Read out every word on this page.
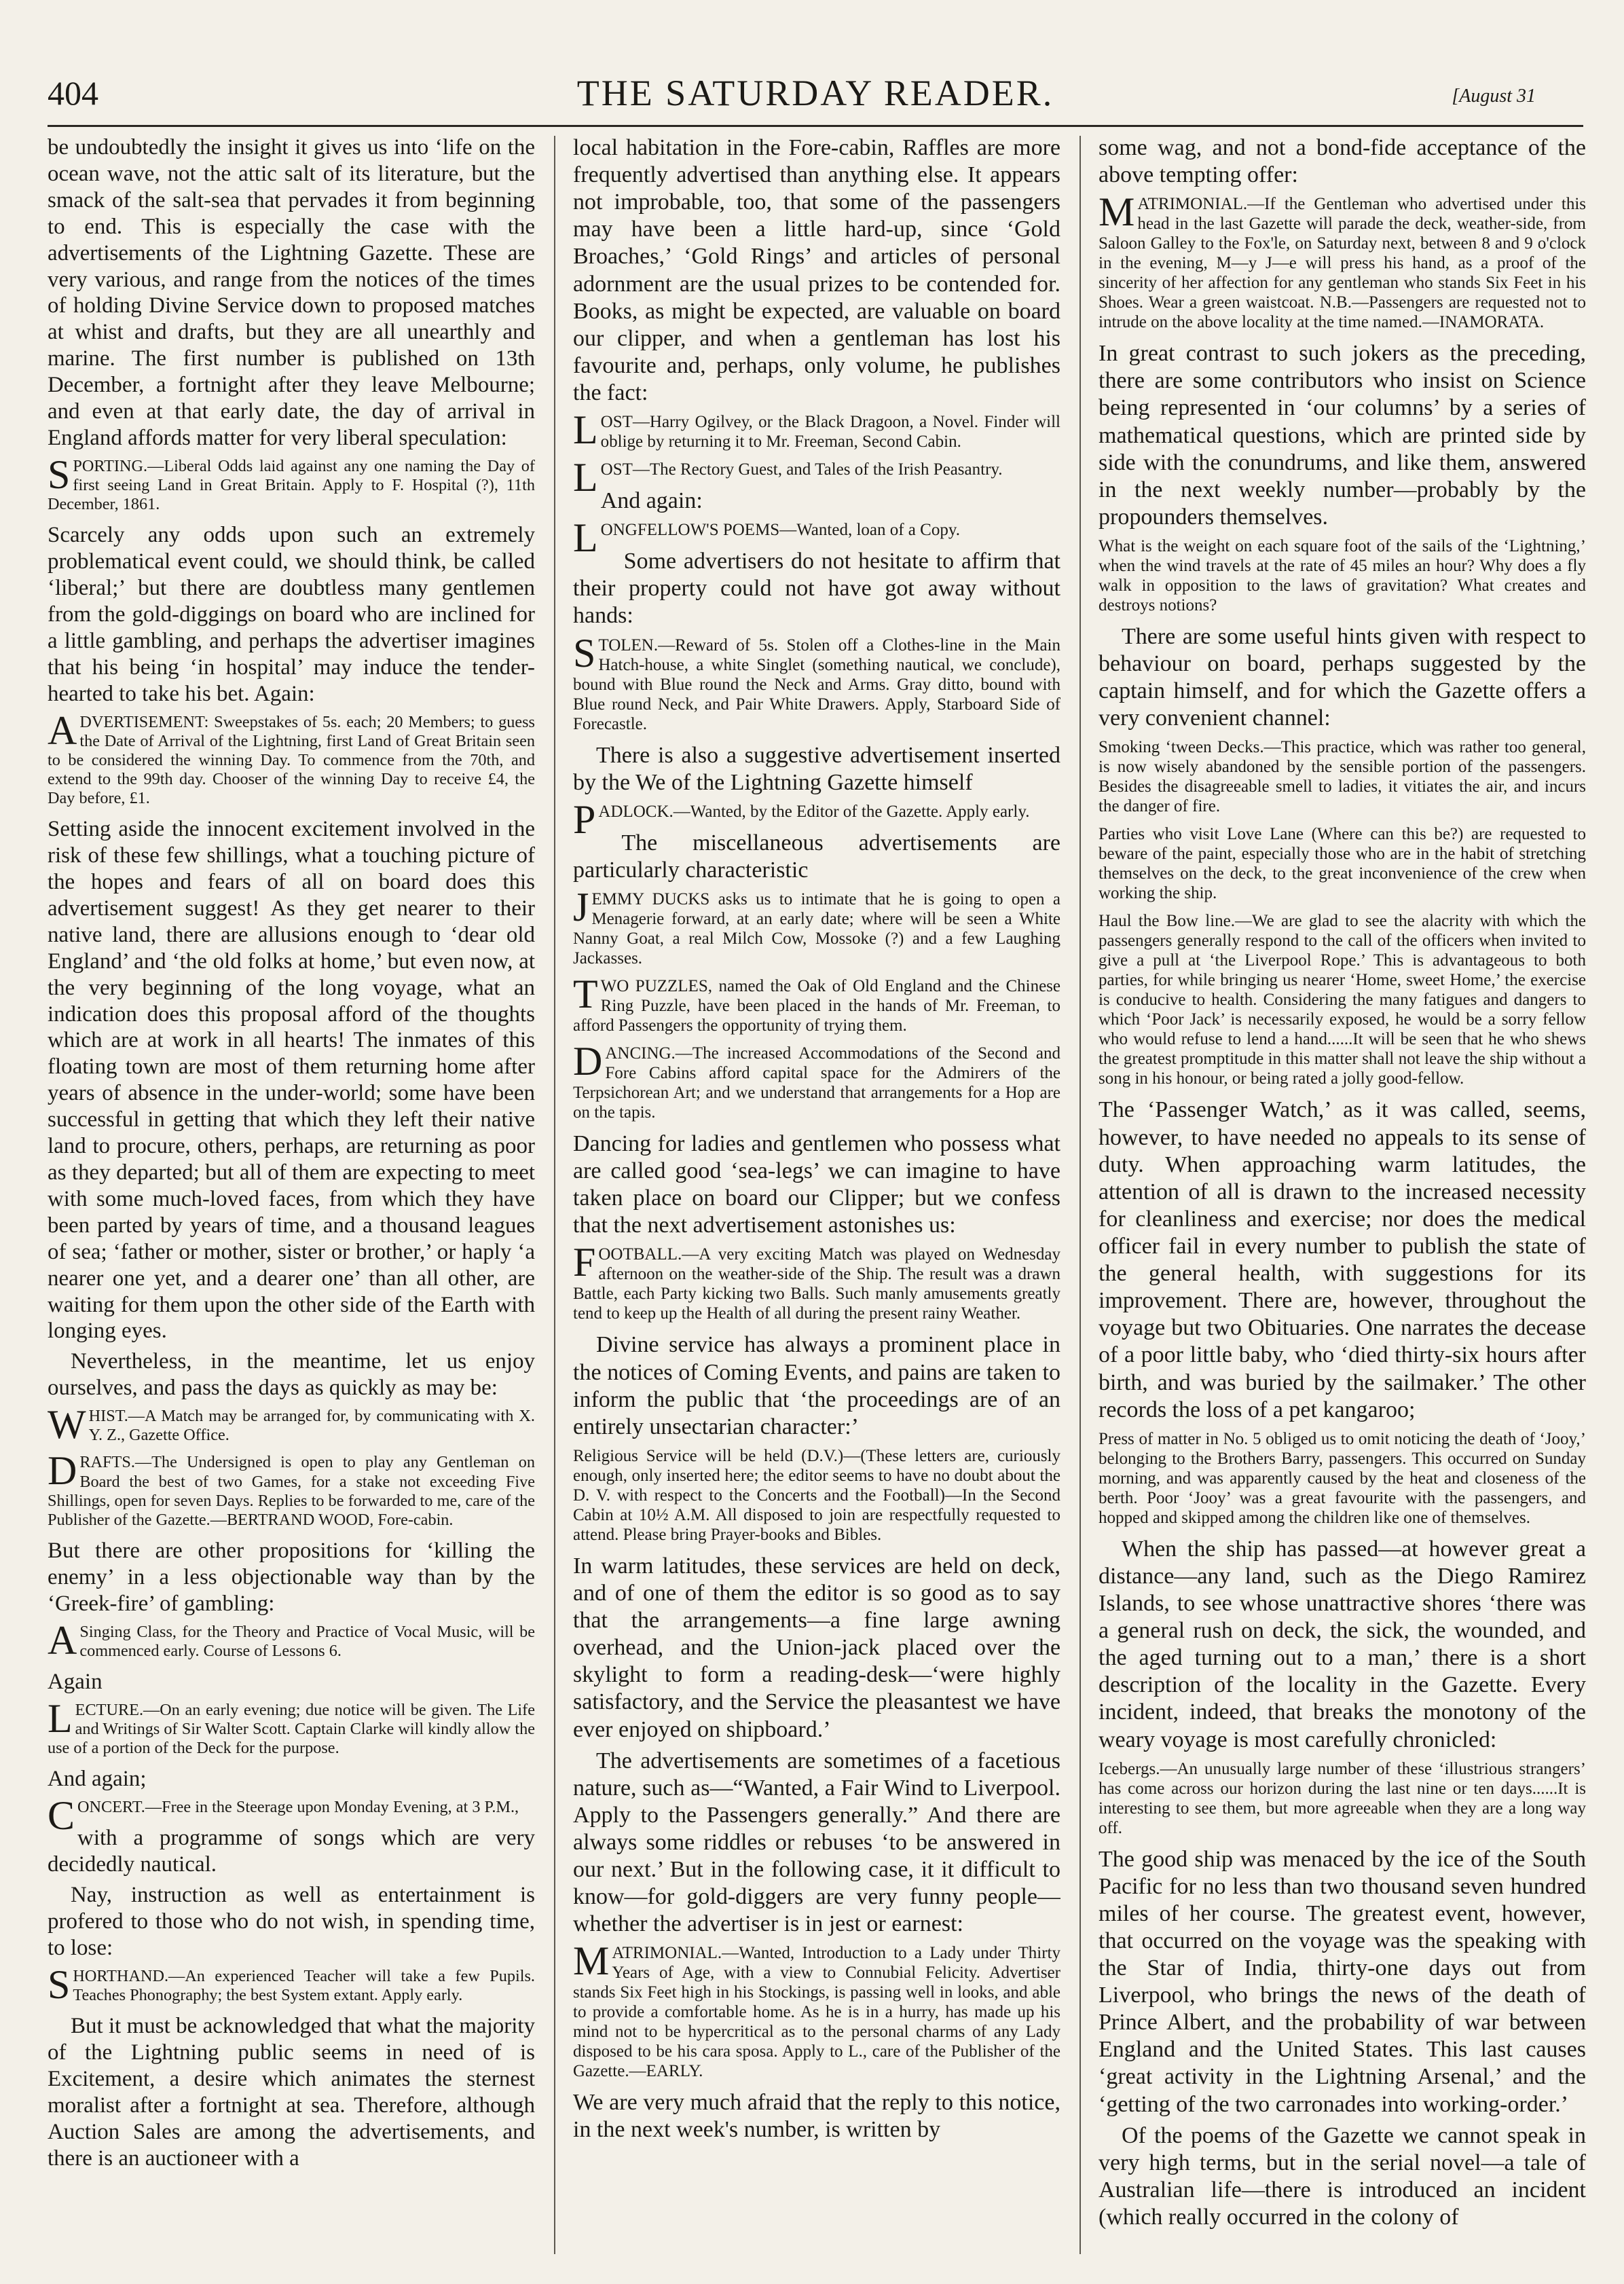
404	THE SATURDAY READER.	[August 31

be undoubtedly the insight it gives us into ‘life on the ocean wave, not the attic salt of its literature, but the smack of the salt-sea that pervades it from beginning to end. This is especially the case with the advertisements of the Lightning Gazette. These are very various, and range from the notices of the times of holding Divine Service down to proposed matches at whist and drafts, but they are all unearthly and marine. The first number is published on 13th December, a fortnight after they leave Melbourne; and even at that early date, the day of arrival in England affords matter for very liberal speculation:

SPORTING.—Liberal Odds laid against any one naming the Day of first seeing Land in Great Britain. Apply to F. Hospital (?), 11th December, 1861.

Scarcely any odds upon such an extremely problematical event could, we should think, be called ‘liberal;’ but there are doubtless many gentlemen from the gold-diggings on board who are inclined for a little gambling, and perhaps the advertiser imagines that his being ‘in hospital’ may induce the tender-hearted to take his bet. Again:

ADVERTISEMENT: Sweepstakes of 5s. each; 20 Members; to guess the Date of Arrival of the Lightning, first Land of Great Britain seen to be considered the winning Day. To commence from the 70th, and extend to the 99th day. Chooser of the winning Day to receive £4, the Day before, £1.

Setting aside the innocent excitement involved in the risk of these few shillings, what a touching picture of the hopes and fears of all on board does this advertisement suggest! As they get nearer to their native land, there are allusions enough to ‘dear old England’ and ‘the old folks at home,’ but even now, at the very beginning of the long voyage, what an indication does this proposal afford of the thoughts which are at work in all hearts! The inmates of this floating town are most of them returning home after years of absence in the under-world; some have been successful in getting that which they left their native land to procure, others, perhaps, are returning as poor as they departed; but all of them are expecting to meet with some much-loved faces, from which they have been parted by years of time, and a thousand leagues of sea; ‘father or mother, sister or brother,’ or haply ‘a nearer one yet, and a dearer one’ than all other, are waiting for them upon the other side of the Earth with longing eyes.

Nevertheless, in the meantime, let us enjoy ourselves, and pass the days as quickly as may be:

WHIST.—A Match may be arranged for, by communicating with X. Y. Z., Gazette Office.

DRAFTS.—The Undersigned is open to play any Gentleman on Board the best of two Games, for a stake not exceeding Five Shillings, open for seven Days. Replies to be forwarded to me, care of the Publisher of the Gazette.—BERTRAND WOOD, Fore-cabin.

But there are other propositions for ‘killing the enemy’ in a less objectionable way than by the ‘Greek-fire’ of gambling:

ASinging Class, for the Theory and Practice of Vocal Music, will be commenced early. Course of Lessons 6.

Again

LECTURE.—On an early evening; due notice will be given. The Life and Writings of Sir Walter Scott. Captain Clarke will kindly allow the use of a portion of the Deck for the purpose.

And again;

CONCERT.—Free in the Steerage upon Monday Evening, at 3 P.M.,

with a programme of songs which are very decidedly nautical.

Nay, instruction as well as entertainment is profered to those who do not wish, in spending time, to lose:

SHORTHAND.—An experienced Teacher will take a few Pupils. Teaches Phonography; the best System extant. Apply early.

But it must be acknowledged that what the majority of the Lightning public seems in need of is Excitement, a desire which animates the sternest moralist after a fortnight at sea. Therefore, although Auction Sales are among the advertisements, and there is an auctioneer with a

local habitation in the Fore-cabin, Raffles are more frequently advertised than anything else. It appears not improbable, too, that some of the passengers may have been a little hard-up, since ‘Gold Broaches,’ ‘Gold Rings’ and articles of personal adornment are the usual prizes to be contended for. Books, as might be expected, are valuable on board our clipper, and when a gentleman has lost his favourite and, perhaps, only volume, he publishes the fact:

LOST—Harry Ogilvey, or the Black Dragoon, a Novel. Finder will oblige by returning it to Mr. Freeman, Second Cabin.

LOST—The Rectory Guest, and Tales of the Irish Peasantry.

And again:

LONGFELLOW'S POEMS—Wanted, loan of a Copy.

Some advertisers do not hesitate to affirm that their property could not have got away without hands:

STOLEN.—Reward of 5s. Stolen off a Clothes-line in the Main Hatch-house, a white Singlet (something nautical, we conclude), bound with Blue round the Neck and Arms. Gray ditto, bound with Blue round Neck, and Pair White Drawers. Apply, Starboard Side of Forecastle.

There is also a suggestive advertisement inserted by the We of the Lightning Gazette himself

PADLOCK.—Wanted, by the Editor of the Gazette. Apply early.

The miscellaneous advertisements are particularly characteristic

JEMMY DUCKS asks us to intimate that he is going to open a Menagerie forward, at an early date; where will be seen a White Nanny Goat, a real Milch Cow, Mossoke (?) and a few Laughing Jackasses.

TWO PUZZLES, named the Oak of Old England and the Chinese Ring Puzzle, have been placed in the hands of Mr. Freeman, to afford Passengers the opportunity of trying them.

DANCING.—The increased Accommodations of the Second and Fore Cabins afford capital space for the Admirers of the Terpsichorean Art; and we understand that arrangements for a Hop are on the tapis.

Dancing for ladies and gentlemen who possess what are called good ‘sea-legs’ we can imagine to have taken place on board our Clipper; but we confess that the next advertisement astonishes us:

FOOTBALL.—A very exciting Match was played on Wednesday afternoon on the weather-side of the Ship. The result was a drawn Battle, each Party kicking two Balls. Such manly amusements greatly tend to keep up the Health of all during the present rainy Weather.

Divine service has always a prominent place in the notices of Coming Events, and pains are taken to inform the public that ‘the proceedings are of an entirely unsectarian character:’

Religious Service will be held (D.V.)—(These letters are, curiously enough, only inserted here; the editor seems to have no doubt about the D. V. with respect to the Concerts and the Football)—In the Second Cabin at 10½ A.M. All disposed to join are respectfully requested to attend. Please bring Prayer-books and Bibles.

In warm latitudes, these services are held on deck, and of one of them the editor is so good as to say that the arrangements—a fine large awning overhead, and the Union-jack placed over the skylight to form a reading-desk—‘were highly satisfactory, and the Service the pleasantest we have ever enjoyed on shipboard.’

The advertisements are sometimes of a facetious nature, such as—“Wanted, a Fair Wind to Liverpool. Apply to the Passengers generally.” And there are always some riddles or rebuses ‘to be answered in our next.’ But in the following case, it it difficult to know—for gold-diggers are very funny people—whether the advertiser is in jest or earnest:

MATRIMONIAL.—Wanted, Introduction to a Lady under Thirty Years of Age, with a view to Connubial Felicity. Advertiser stands Six Feet high in his Stockings, is passing well in looks, and able to provide a comfortable home. As he is in a hurry, has made up his mind not to be hypercritical as to the personal charms of any Lady disposed to be his cara sposa. Apply to L., care of the Publisher of the Gazette.—EARLY.

We are very much afraid that the reply to this notice, in the next week's number, is written by

some wag, and not a bond-fide acceptance of the above tempting offer:

MATRIMONIAL.—If the Gentleman who advertised under this head in the last Gazette will parade the deck, weather-side, from Saloon Galley to the Fox'le, on Saturday next, between 8 and 9 o'clock in the evening, M—y J—e will press his hand, as a proof of the sincerity of her affection for any gentleman who stands Six Feet in his Shoes. Wear a green waistcoat. N.B.—Passengers are requested not to intrude on the above locality at the time named.—INAMORATA.

In great contrast to such jokers as the preceding, there are some contributors who insist on Science being represented in ‘our columns’ by a series of mathematical questions, which are printed side by side with the conundrums, and like them, answered in the next weekly number—probably by the propounders themselves.

What is the weight on each square foot of the sails of the ‘Lightning,’ when the wind travels at the rate of 45 miles an hour? Why does a fly walk in opposition to the laws of gravitation? What creates and destroys notions?

There are some useful hints given with respect to behaviour on board, perhaps suggested by the captain himself, and for which the Gazette offers a very convenient channel:

Smoking ‘tween Decks.—This practice, which was rather too general, is now wisely abandoned by the sensible portion of the passengers. Besides the disagreeable smell to ladies, it vitiates the air, and incurs the danger of fire.

Parties who visit Love Lane (Where can this be?) are requested to beware of the paint, especially those who are in the habit of stretching themselves on the deck, to the great inconvenience of the crew when working the ship.

Haul the Bow line.—We are glad to see the alacrity with which the passengers generally respond to the call of the officers when invited to give a pull at ‘the Liverpool Rope.’ This is advantageous to both parties, for while bringing us nearer ‘Home, sweet Home,’ the exercise is conducive to health. Considering the many fatigues and dangers to which ‘Poor Jack’ is necessarily exposed, he would be a sorry fellow who would refuse to lend a hand......It will be seen that he who shews the greatest promptitude in this matter shall not leave the ship without a song in his honour, or being rated a jolly good-fellow.

The ‘Passenger Watch,’ as it was called, seems, however, to have needed no appeals to its sense of duty. When approaching warm latitudes, the attention of all is drawn to the increased necessity for cleanliness and exercise; nor does the medical officer fail in every number to publish the state of the general health, with suggestions for its improvement. There are, however, throughout the voyage but two Obituaries. One narrates the decease of a poor little baby, who ‘died thirty-six hours after birth, and was buried by the sailmaker.’ The other records the loss of a pet kangaroo;

Press of matter in No. 5 obliged us to omit noticing the death of ‘Jooy,’ belonging to the Brothers Barry, passengers. This occurred on Sunday morning, and was apparently caused by the heat and closeness of the berth. Poor ‘Jooy’ was a great favourite with the passengers, and hopped and skipped among the children like one of themselves.

When the ship has passed—at however great a distance—any land, such as the Diego Ramirez Islands, to see whose unattractive shores ‘there was a general rush on deck, the sick, the wounded, and the aged turning out to a man,’ there is a short description of the locality in the Gazette. Every incident, indeed, that breaks the monotony of the weary voyage is most carefully chronicled:

Icebergs.—An unusually large number of these ‘illustrious strangers’ has come across our horizon during the last nine or ten days......It is interesting to see them, but more agreeable when they are a long way off.

The good ship was menaced by the ice of the South Pacific for no less than two thousand seven hundred miles of her course. The greatest event, however, that occurred on the voyage was the speaking with the Star of India, thirty-one days out from Liverpool, who brings the news of the death of Prince Albert, and the probability of war between England and the United States. This last causes ‘great activity in the Lightning Arsenal,’ and the ‘getting of the two carronades into working-order.’

Of the poems of the Gazette we cannot speak in very high terms, but in the serial novel—a tale of Australian life—there is introduced an incident (which really occurred in the colony of
